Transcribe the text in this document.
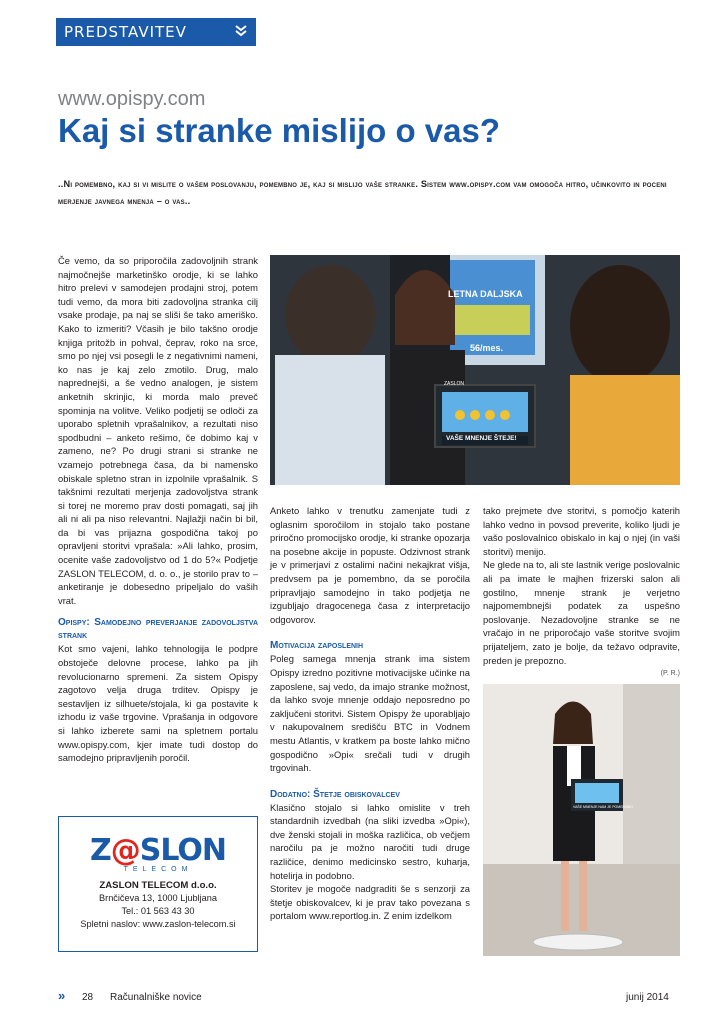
PREDSTAVITEV
www.opispy.com
Kaj si stranke mislijo o vas?
..Ni pomembno, kaj si vi mislite o vašem poslovanju, pomembno je, kaj si mislijo vaše stranke. Sistem www.opispy.com vam omogoča hitro, učinkovito in poceni merjenje javnega mnenja – o vas..

Če vemo, da so priporočila zadovoljnih strank najmočnejše marketinško orodje, ki se lahko hitro prelevi v samodejen prodajni stroj, potem tudi vemo, da mora biti zadovoljna stranka cilj vsake prodaje, pa naj se sliši še tako ameriško. Kako to izmeriti? Včasih je bilo takšno orodje knjiga pritožb in pohval, čeprav, roko na srce, smo po njej vsi posegli le z negativnimi nameni, ko nas je kaj zelo zmotilo. Drug, malo naprednejši, a še vedno analogen, je sistem anketnih skrinjic, ki morda malo preveč spominja na volitve. Veliko podjetij se odloči za uporabo spletnih vprašalnikov, a rezultati niso spodbudni – anketo rešimo, če dobimo kaj v zameno, ne? Po drugi strani si stranke ne vzamejo potrebnega časa, da bi namensko obiskale spletno stran in izpolnile vprašalnik. S takšnimi rezultati merjenja zadovoljstva strank si torej ne moremo prav dosti pomagati, saj jih ali ni ali pa niso relevantni. Najlažji način bi bil, da bi vas prijazna gospodična takoj po opravljeni storitvi vprašala: »Ali lahko, prosim, ocenite vaše zadovoljstvo od 1 do 5?« Podjetje ZASLON TELECOM, d. o. o., je storilo prav to – anketiranje je dobesedno pripeljalo do vaših vrat.

Opispy: Samodejno preverjanje zadovoljstva strank

Kot smo vajeni, lahko tehnologija le podpre obstoječe delovne procese, lahko pa jih revolucionarno spremeni. Za sistem Opispy zagotovo velja druga trditev. Opispy je sestavljen iz silhuete/stojala, ki ga postavite k izhodu iz vaše trgovine. Vprašanja in odgovore si lahko izberete sami na spletnem portalu www.opispy.com, kjer imate tudi dostop do samodejno pripravljenih poročil.

VAŠE MNENJE ŠTEJE!
ZASLON
LETNA DALJSKA
56/mes.

Anketo lahko v trenutku zamenjate tudi z oglasnim sporočilom in stojalo tako postane priročno promocijsko orodje, ki stranke opozarja na posebne akcije in popuste. Odzivnost strank je v primerjavi z ostalimi načini nekajkrat višja, predvsem pa je pomembno, da se poročila pripravljajo samodejno in tako podjetja ne izgubljajo dragocenega časa z interpretacijo odgovorov.

Motivacija zaposlenih

Poleg samega mnenja strank ima sistem Opispy izredno pozitivne motivacijske učinke na zaposlene, saj vedo, da imajo stranke možnost, da lahko svoje mnenje oddajo neposredno po zaključeni storitvi. Sistem Opispy že uporabljajo v nakupovalnem središču BTC in Vodnem mestu Atlantis, v kratkem pa boste lahko mično gospodično »Opi« srečali tudi v drugih trgovinah.

Dodatno: Štetje obiskovalcev

Klasično stojalo si lahko omislite v treh standardnih izvedbah (na sliki izvedba »Opi«), dve ženski stojali in moška različica, ob večjem naročilu pa je možno naročiti tudi druge različice, denimo medicinsko sestro, kuharja, hotelirja in podobno.

Storitev je mogoče nadgraditi še s senzorji za štetje obiskovalcev, ki je prav tako povezana s portalom www.reportlog.in. Z enim izdelkom

tako prejmete dve storitvi, s pomočjo katerih lahko vedno in povsod preverite, koliko ljudi je vašo poslovalnico obiskalo in kaj o njej (in vaši storitvi) menijo.

Ne glede na to, ali ste lastnik verige poslovalnic ali pa imate le majhen frizerski salon ali gostilno, mnenje strank je verjetno najpomembnejši podatek za uspešno poslovanje. Nezadovoljne stranke se ne vračajo in ne priporočajo vaše storitve svojim prijateljem, zato je bolje, da težavo odpravite, preden je prepozno.

(P. R.)

VAŠE MNENJE NAM JE POMEMBNO
Z@SLON
TELECOM
ZASLON TELECOM d.o.o.
Brnčičeva 13, 1000 Ljubljana
Tel.: 01 563 43 30
Spletni naslov: www.zaslon-telecom.si
» 28 Računalniške novice	junij 2014
